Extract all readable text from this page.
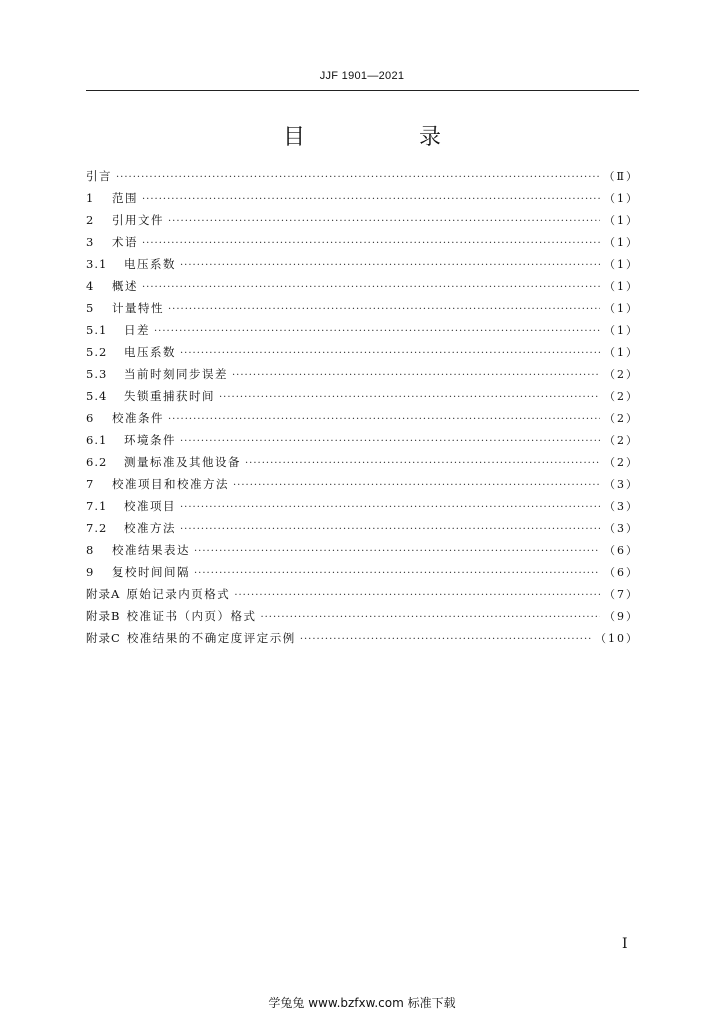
JJF 1901—2021
目　录
引言 ·····	（Ⅱ）
1	范围 ·····	（1）
2	引用文件 ·····	（1）
3	术语 ·····	（1）
3.1	电压系数 ·····	（1）
4	概述 ·····	（1）
5	计量特性 ·····	（1）
5.1	日差 ·····	（1）
5.2	电压系数 ·····	（1）
5.3	当前时刻同步误差 ·····	（2）
5.4	失锁重捕获时间 ·····	（2）
6	校准条件 ·····	（2）
6.1	环境条件 ·····	（2）
6.2	测量标准及其他设备 ·····	（2）
7	校准项目和校准方法 ·····	（3）
7.1	校准项目 ·····	（3）
7.2	校准方法 ·····	（3）
8	校准结果表达 ·····	（6）
9	复校时间间隔 ·····	（6）
附录A 原始记录内页格式 ·····	（7）
附录B 校准证书（内页）格式 ·····	（9）
附录C 校准结果的不确定度评定示例 ·····	（10）
I
学兔兔 www.bzfxw.com 标准下载
